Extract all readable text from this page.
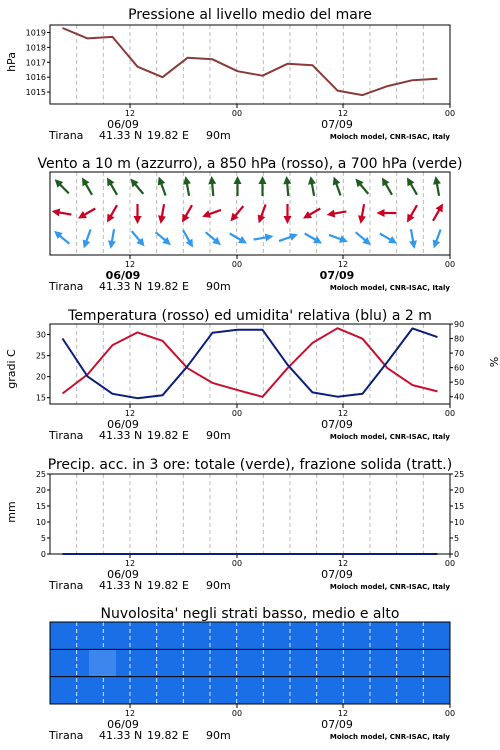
Pressione al livello medio del mare
Vento a 10 m (azzurro), a 850 hPa (rosso), a 700 hPa (verde)
Temperatura (rosso) ed umidita' relativa (blu) a 2 m
Precip. acc. in 3 ore: totale (verde), frazione solida (tratt.)
Nuvolosita' negli strati basso, medio e alto
hPa
gradi C	%
mm
12	00	12	00
06/09	07/09
Tirana 41.33 N 19.82 E 90m	Moloch model, CNR-ISAC, Italy
1015
1016
1017
1018
1019
12	00	12	00
06/09	07/09
Tirana 41.33 N 19.82 E 90m	Moloch model, CNR-ISAC, Italy
12	00	12	00
06/09	07/09
Tirana 41.33 N 19.82 E 90m	Moloch model, CNR-ISAC, Italy
15
20
25
30
40
50
60
70
80
90
12	00	12	00
06/09	07/09
Tirana 41.33 N 19.82 E 90m	Moloch model, CNR-ISAC, Italy
0
5
10
15
20
25
0
5
10
15
20
25
12	00	12	00
06/09	07/09
Tirana 41.33 N 19.82 E 90m	Moloch model, CNR-ISAC, Italy
